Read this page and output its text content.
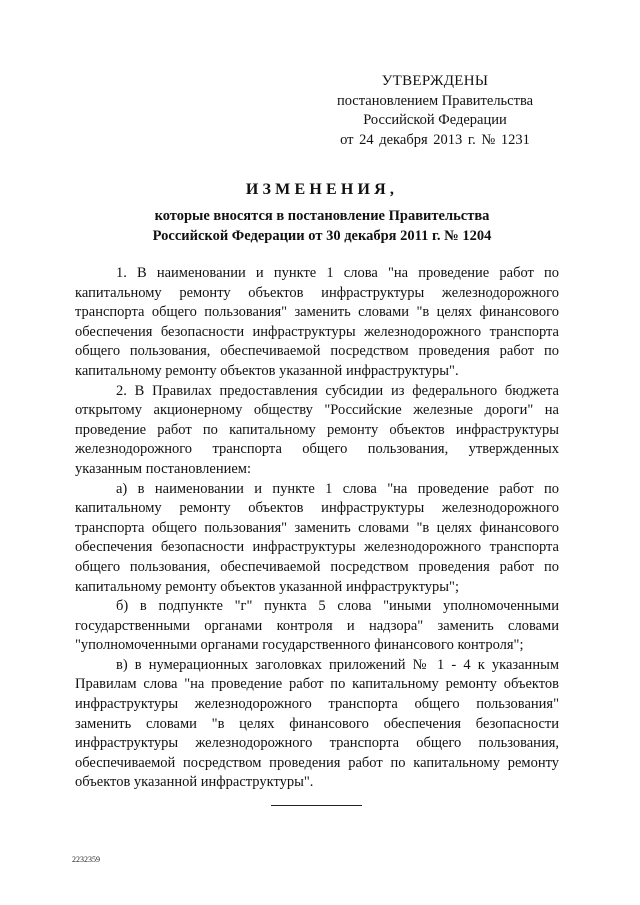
УТВЕРЖДЕНЫ
постановлением Правительства
Российской Федерации
от 24 декабря 2013 г. № 1231
ИЗМЕНЕНИЯ,
которые вносятся в постановление Правительства
Российской Федерации от 30 декабря 2011 г. № 1204

1. В наименовании и пункте 1 слова "на проведение работ по капитальному ремонту объектов инфраструктуры железнодорожного транспорта общего пользования" заменить словами "в целях финансового обеспечения безопасности инфраструктуры железнодорожного транспорта общего пользования, обеспечиваемой посредством проведения работ по капитальному ремонту объектов указанной инфраструктуры".

2. В Правилах предоставления субсидии из федерального бюджета открытому акционерному обществу "Российские железные дороги" на проведение работ по капитальному ремонту объектов инфраструктуры железнодорожного транспорта общего пользования, утвержденных указанным постановлением:

а) в наименовании и пункте 1 слова "на проведение работ по капитальному ремонту объектов инфраструктуры железнодорожного транспорта общего пользования" заменить словами "в целях финансового обеспечения безопасности инфраструктуры железнодорожного транспорта общего пользования, обеспечиваемой посредством проведения работ по капитальному ремонту объектов указанной инфраструктуры";

б) в подпункте "г" пункта 5 слова "иными уполномоченными государственными органами контроля и надзора" заменить словами "уполномоченными органами государственного финансового контроля";

в) в нумерационных заголовках приложений № 1 - 4 к указанным Правилам слова "на проведение работ по капитальному ремонту объектов инфраструктуры железнодорожного транспорта общего пользования" заменить словами "в целях финансового обеспечения безопасности инфраструктуры железнодорожного транспорта общего пользования, обеспечиваемой посредством проведения работ по капитальному ремонту объектов указанной инфраструктуры".

2232359
